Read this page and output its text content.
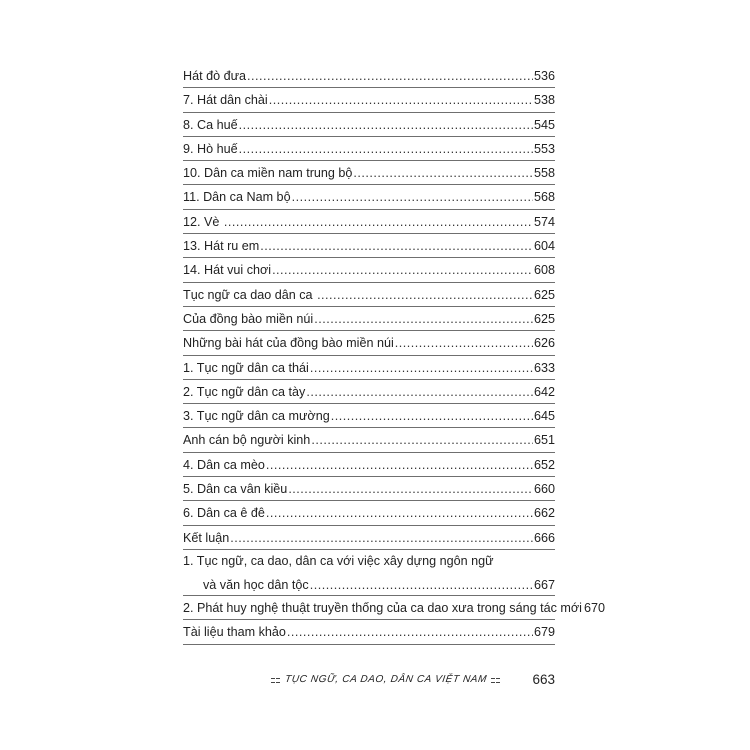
Hát đò đưa .....	536
7. Hát dân chài .....	538
8. Ca huế .....	545
9. Hò huế .....	553
10. Dân ca miền nam trung bộ .....	558
11. Dân ca Nam bộ .....	568
12. Vè .....	574
13. Hát ru em .....	604
14. Hát vui chơi .....	608
Tục ngữ ca dao dân ca .....	625
Của đồng bào miền núi .....	625
Những bài hát của đồng bào miền núi .....	626
1. Tục ngữ dân ca thái .....	633
2. Tục ngữ dân ca tày .....	642
3. Tục ngữ dân ca mường .....	645
Anh cán bộ người kinh .....	651
4. Dân ca mèo .....	652
5. Dân ca vân kiều .....	660
6. Dân ca ê đê .....	662
Kết luận .....	666
1. Tục ngữ, ca dao, dân ca với việc xây dựng ngôn ngữ
và văn học dân tộc .....	667
2. Phát huy nghệ thuật truyền thống của ca dao xưa trong sáng tác mới 670
Tài liệu tham khảo .....	679
TỤC NGỮ, CA DAO, DÂN CA VIỆT NAM	663
